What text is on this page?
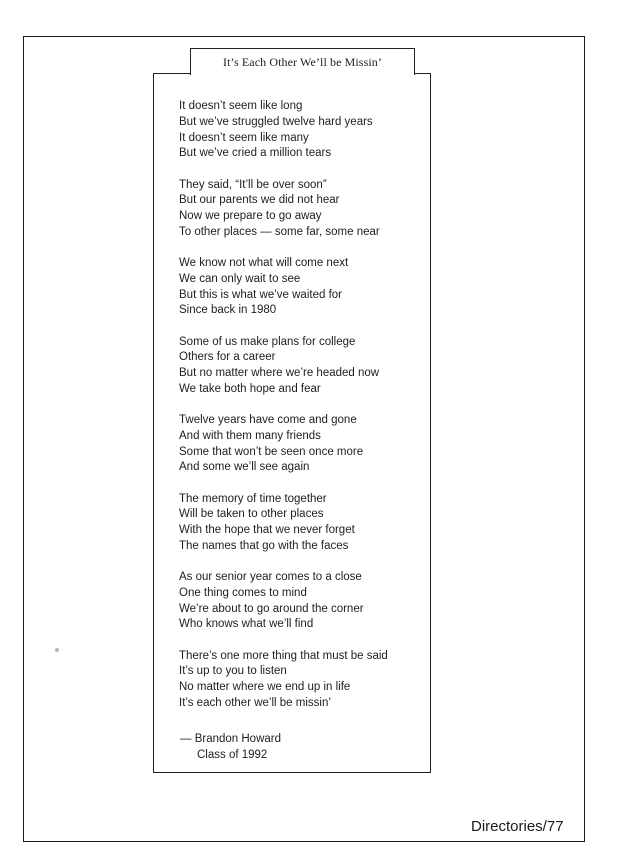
It’s Each Other We’ll be Missin’
It doesn’t seem like long
But we’ve struggled twelve hard years
It doesn’t seem like many
But we’ve cried a million tears
They said, “It’ll be over soon”
But our parents we did not hear
Now we prepare to go away
To other places — some far, some near
We know not what will come next
We can only wait to see
But this is what we’ve waited for
Since back in 1980
Some of us make plans for college
Others for a career
But no matter where we’re headed now
We take both hope and fear
Twelve years have come and gone
And with them many friends
Some that won’t be seen once more
And some we’ll see again
The memory of time together
Will be taken to other places
With the hope that we never forget
The names that go with the faces
As our senior year comes to a close
One thing comes to mind
We’re about to go around the corner
Who knows what we’ll find
There’s one more thing that must be said
It’s up to you to listen
No matter where we end up in life
It’s each other we’ll be missin’
— Brandon Howard
Class of 1992
Directories/77
